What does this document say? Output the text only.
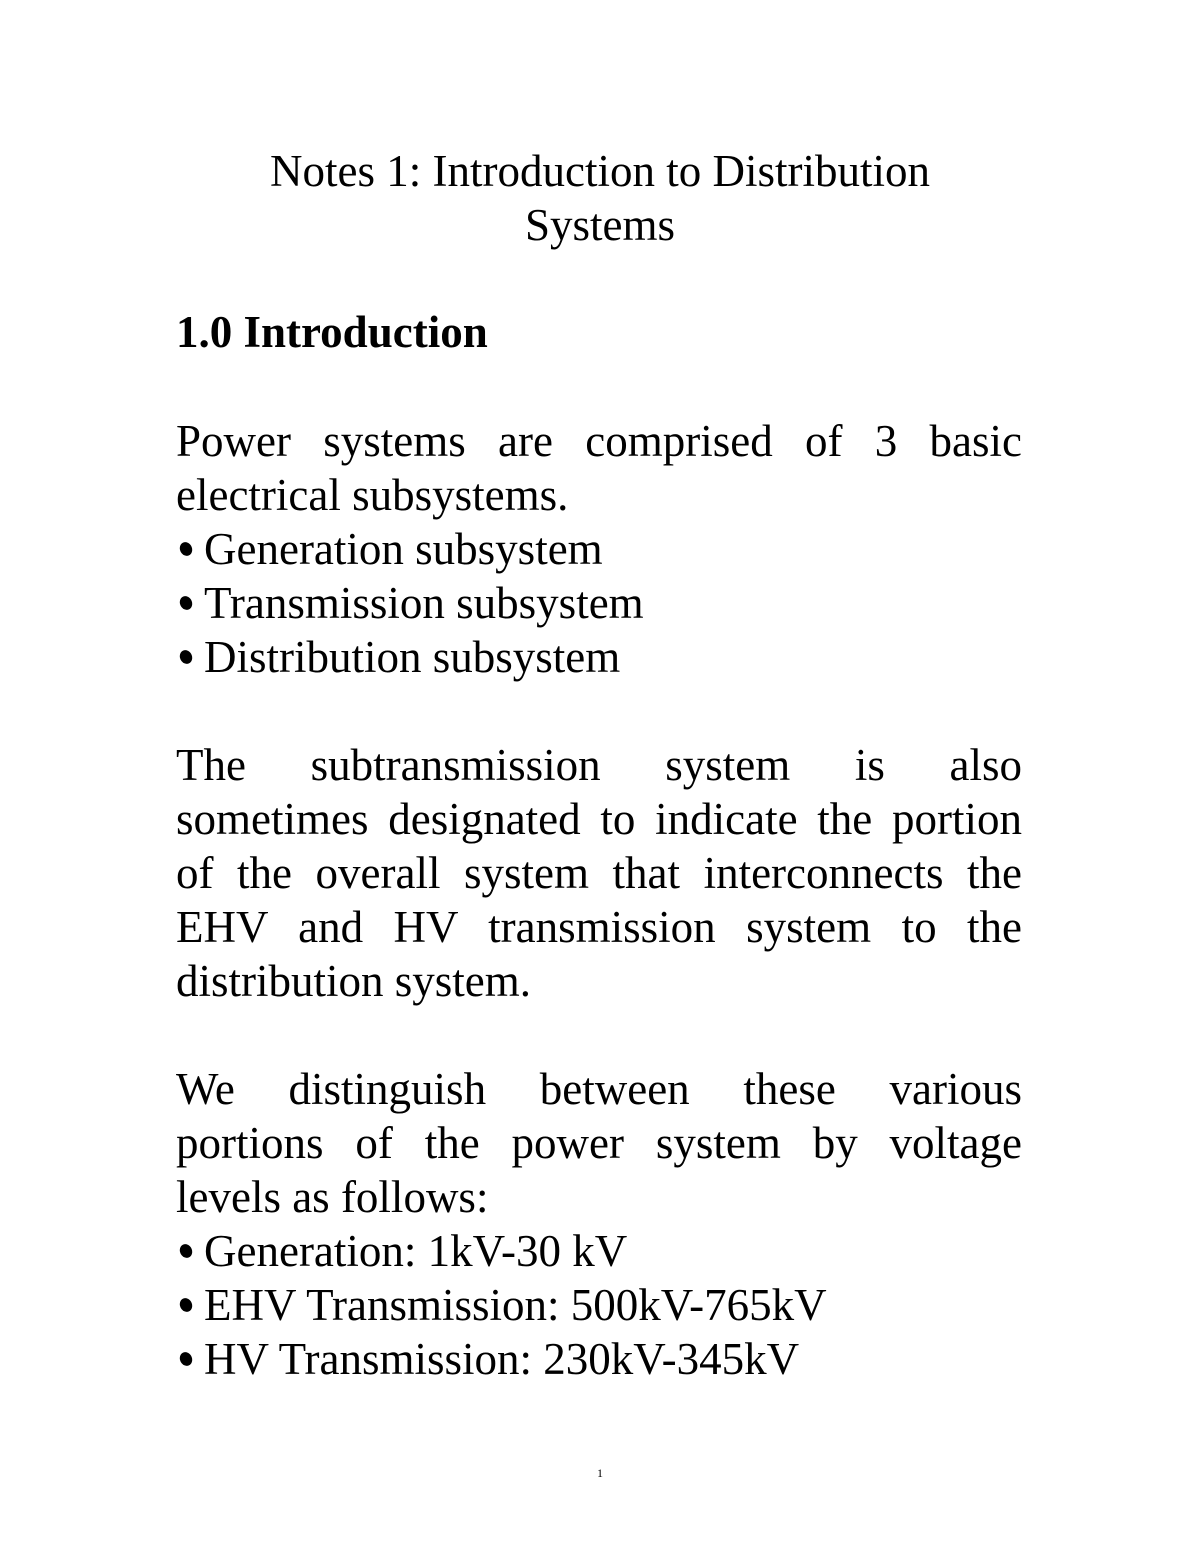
Notes 1: Introduction to Distribution
Systems
1.0 Introduction
Power systems are comprised of 3 basic
electrical subsystems.
Generation subsystem
Transmission subsystem
Distribution subsystem
The subtransmission system is also
sometimes designated to indicate the portion
of the overall system that interconnects the
EHV and HV transmission system to the
distribution system.
We distinguish between these various
portions of the power system by voltage
levels as follows:
Generation: 1kV-30 kV
EHV Transmission: 500kV-765kV
HV Transmission: 230kV-345kV
1
